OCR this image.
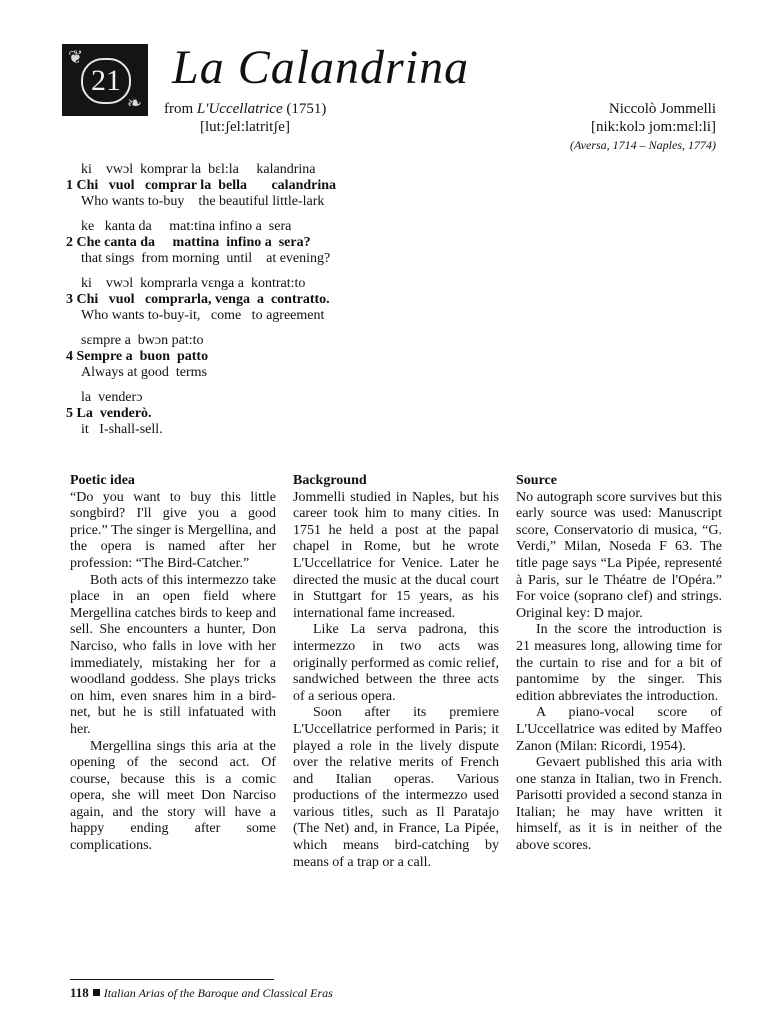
❦
21
❧
La Calandrina
from L'Uccellatrice (1751)
[lut:ʃel:latritʃe]
Niccolò Jommelli
[nik:kolɔ jom:mɛl:li]
(Aversa, 1714 – Naples, 1774)
ki    vwɔl  komprar la  bɛl:la     kalandrina
1 Chi   vuol   comprar la  bella       calandrina
Who wants to-buy    the beautiful little-lark
ke   kanta da     mat:tina infino a  sera
2 Che canta da     mattina  infino a  sera?
that sings  from morning  until    at evening?
ki    vwɔl  komprarla vɛnga a  kontrat:to
3 Chi   vuol   comprarla, venga  a  contratto.
Who wants to-buy-it,   come   to agreement
sɛmpre a  bwɔn pat:to
4 Sempre a  buon  patto
Always at good  terms
la  venderɔ
5 La  venderò.
it   I-shall-sell.
Poetic idea

“Do you want to buy this little songbird? I'll give you a good price.” The singer is Mergellina, and the opera is named after her profession: “The Bird-Catcher.”

Both acts of this intermezzo take place in an open field where Mergellina catches birds to keep and sell. She encounters a hunter, Don Narciso, who falls in love with her immediately, mistaking her for a woodland goddess. She plays tricks on him, even snares him in a bird-net, but he is still infatuated with her.

Mergellina sings this aria at the opening of the second act. Of course, because this is a comic opera, she will meet Don Narciso again, and the story will have a happy ending after some complications.

Background

Jommelli studied in Naples, but his career took him to many cities. In 1751 he held a post at the papal chapel in Rome, but he wrote L'Uccellatrice for Venice. Later he directed the music at the ducal court in Stuttgart for 15 years, as his international fame increased.

Like La serva padrona, this intermezzo in two acts was originally performed as comic relief, sandwiched between the three acts of a serious opera.

Soon after its premiere L'Uccellatrice performed in Paris; it played a role in the lively dispute over the relative merits of French and Italian operas. Various productions of the intermezzo used various titles, such as Il Paratajo (The Net) and, in France, La Pipée, which means bird-catching by means of a trap or a call.

Source

No autograph score survives but this early source was used: Manuscript score, Conservatorio di musica, “G. Verdi,” Milan, Noseda F 63. The title page says “La Pipée, representé à Paris, sur le Théatre de l'Opéra.” For voice (soprano clef) and strings. Original key: D major.

In the score the introduction is 21 measures long, allowing time for the curtain to rise and for a bit of pantomime by the singer. This edition abbreviates the introduction.

A piano-vocal score of L'Uccellatrice was edited by Maffeo Zanon (Milan: Ricordi, 1954).

Gevaert published this aria with one stanza in Italian, two in French. Parisotti provided a second stanza in Italian; he may have written it himself, as it is in neither of the above scores.

118 Italian Arias of the Baroque and Classical Eras
